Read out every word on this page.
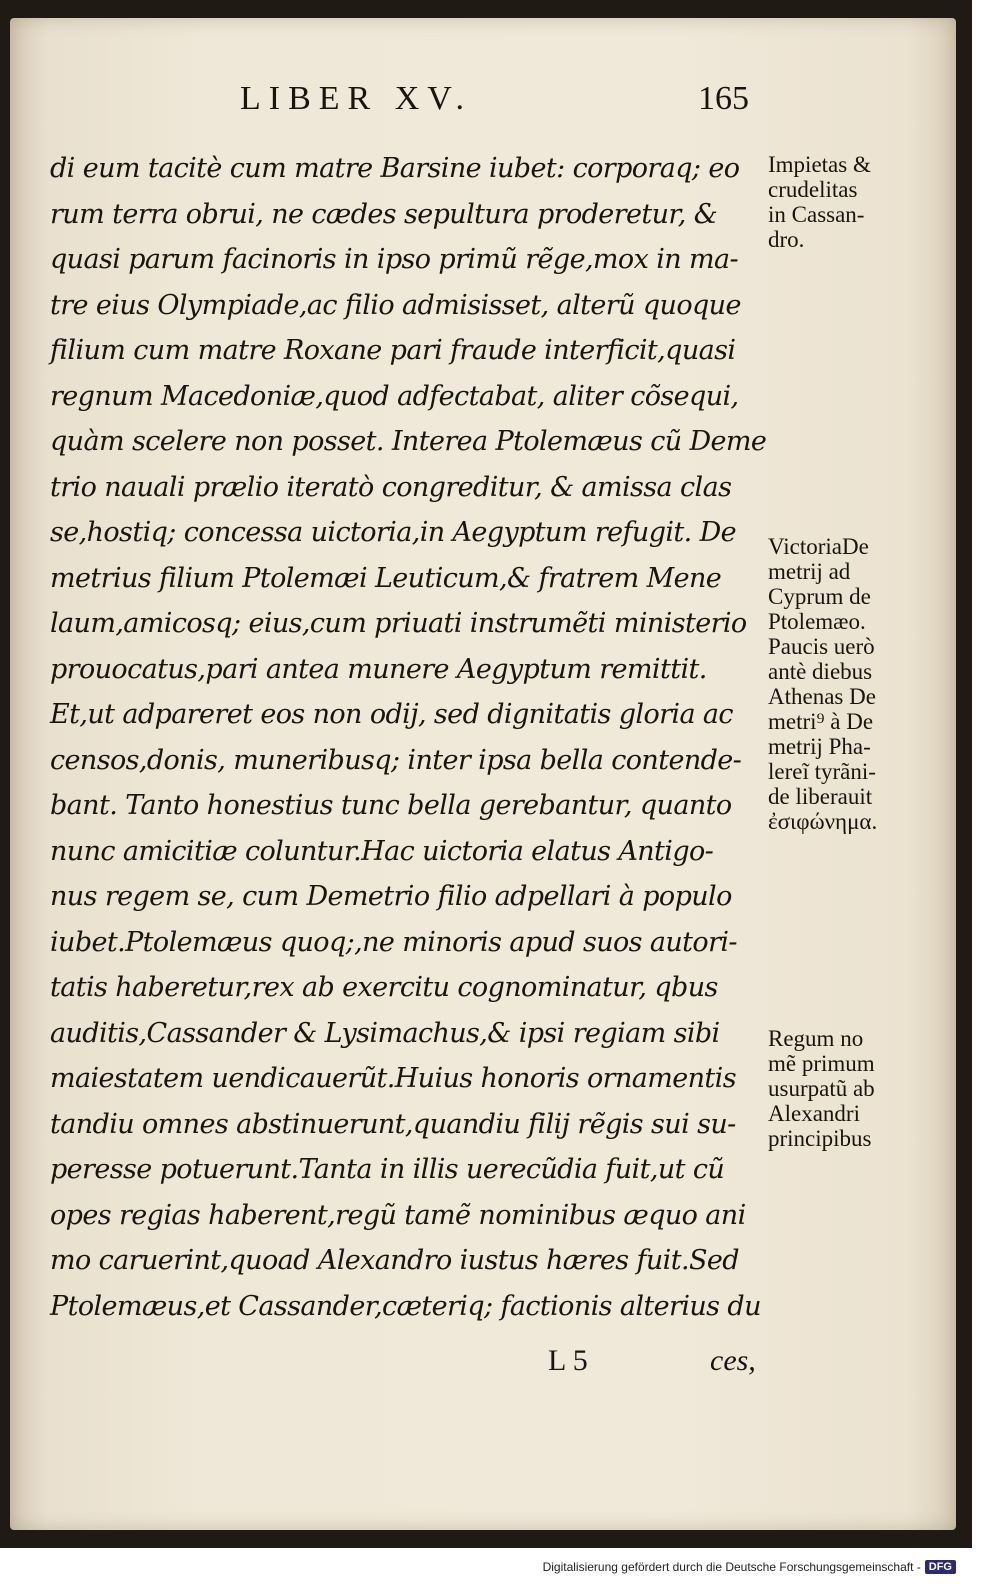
LIBER XV.	165
di eum tacitè cum matre Barsine iubet: corporaq; eo
rum terra obrui, ne cædes sepultura proderetur, &
quasi parum facinoris in ipso primũ rẽge,mox in ma-
tre eius Olympiade,ac filio admisisset, alterũ quoque
filium cum matre Roxane pari fraude interficit,quasi
regnum Macedoniæ,quod adfectabat, aliter cõsequi,
quàm scelere non posset. Interea Ptolemæus cũ Deme
trio nauali prælio iteratò congreditur, & amissa clas
se,hostiq; concessa uictoria,in Aegyptum refugit. De
metrius filium Ptolemæi Leuticum,& fratrem Mene
laum,amicosq; eius,cum priuati instrumẽti ministerio
prouocatus,pari antea munere Aegyptum remittit.
Et,ut adpareret eos non odij, sed dignitatis gloria ac
censos,donis, muneribusq; inter ipsa bella contende-
bant. Tanto honestius tunc bella gerebantur, quanto
nunc amicitiæ coluntur.Hac uictoria elatus Antigo-
nus regem se, cum Demetrio filio adpellari à populo
iubet.Ptolemæus quoq;,ne minoris apud suos autori-
tatis haberetur,rex ab exercitu cognominatur, qbus
auditis,Cassander & Lysimachus,& ipsi regiam sibi
maiestatem uendicauerũt.Huius honoris ornamentis
tandiu omnes abstinuerunt,quandiu filij rẽgis sui su-
peresse potuerunt.Tanta in illis uerecũdia fuit,ut cũ
opes regias haberent,regũ tamẽ nominibus æquo ani
mo caruerint,quoad Alexandro iustus hæres fuit.Sed
Ptolemæus,et Cassander,cæteriq; factionis alterius du
Impietas &
crudelitas
in Cassan-
dro.
VictoriaDe
metrĳ ad
Cyprum de
Ptolemæo.
Paucis uerò
antè diebus
Athenas De
metri⁹ à De
metrĳ Pha-
lereĩ tyrãni-
de liberauit
ἐσιφώνημα.
Regum no
mẽ primum
usurpatũ ab
Alexandri
principibus
L 5	ces,
Digitalisierung gefördert durch die Deutsche Forschungsgemeinschaft - DFG
